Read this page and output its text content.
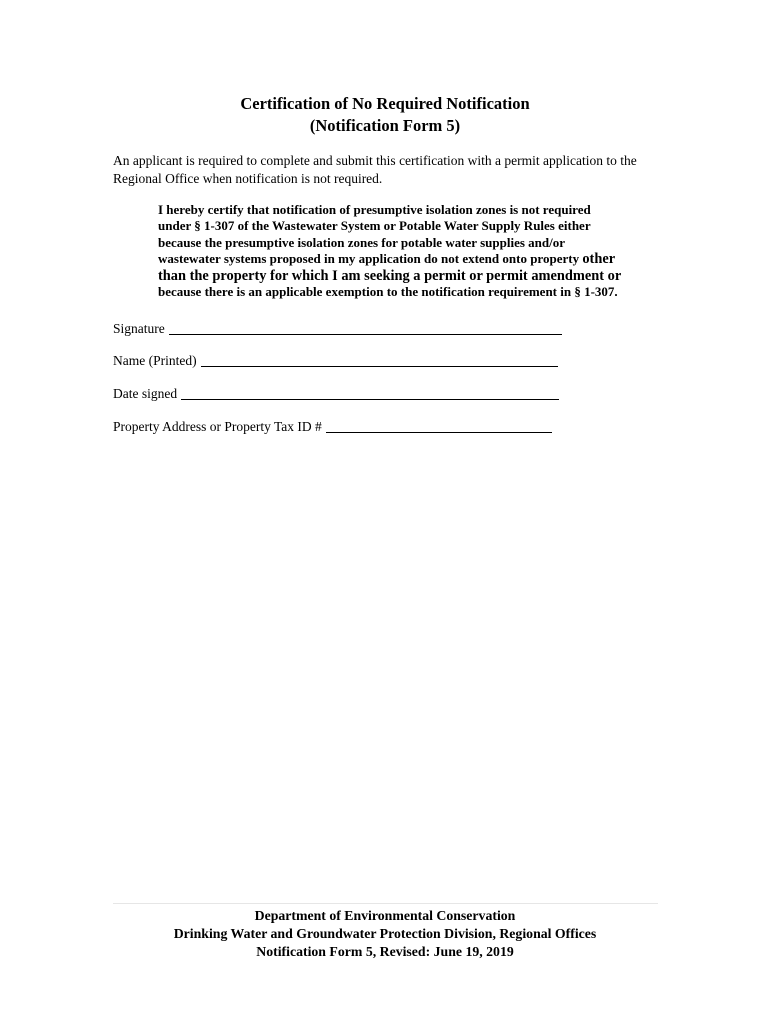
Certification of No Required Notification
(Notification Form 5)
An applicant is required to complete and submit this certification with a permit application to the
Regional Office when notification is not required.
I hereby certify that notification of presumptive isolation zones is not required
under § 1-307 of the Wastewater System or Potable Water Supply Rules either
because the presumptive isolation zones for potable water supplies and/or
wastewater systems proposed in my application do not extend onto property other
than the property for which I am seeking a permit or permit amendment or
because there is an applicable exemption to the notification requirement in § 1-307.
Signature
Name (Printed)
Date signed
Property Address or Property Tax ID #
Department of Environmental Conservation
Drinking Water and Groundwater Protection Division, Regional Offices
Notification Form 5, Revised: June 19, 2019
